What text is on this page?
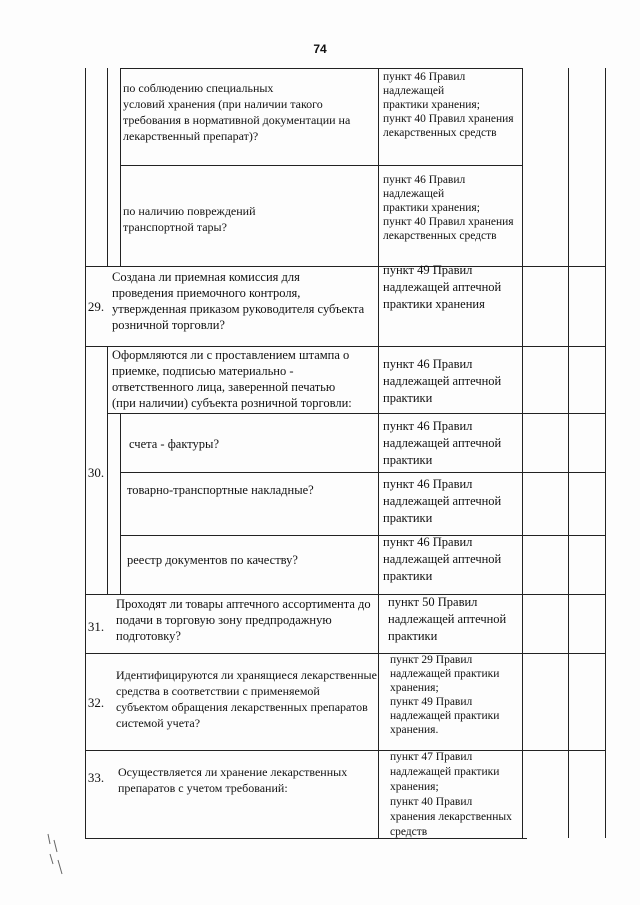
74
по соблюдению специальных
условий хранения (при наличии такого
требования в нормативной документации на
лекарственный препарат)?
пункт 46 Правил
надлежащей
практики хранения;
пункт 40 Правил хранения
лекарственных средств
по наличию повреждений
транспортной тары?
пункт 46 Правил
надлежащей
практики хранения;
пункт 40 Правил хранения
лекарственных средств
29.
Создана ли приемная комиссия для
проведения приемочного контроля,
утвержденная приказом руководителя субъекта
розничной торговли?
пункт 49 Правил
надлежащей аптечной
практики хранения
30.
Оформляются ли с проставлением штампа о
приемке, подписью материально -
ответственного лица, заверенной печатью
(при наличии) субъекта розничной торговли:
пункт 46 Правил
надлежащей аптечной
практики
счета - фактуры?
пункт 46 Правил
надлежащей аптечной
практики
товарно-транспортные накладные?	пункт 46 Правил
надлежащей аптечной
практики
реестр документов по качеству?
пункт 46 Правил
надлежащей аптечной
практики
31.
Проходят ли товары аптечного ассортимента до
подачи в торговую зону предпродажную
подготовку?
пункт 50 Правил
надлежащей аптечной
практики
32.
Идентифицируются ли хранящиеся лекарственные
средства в соответствии с применяемой
субъектом обращения лекарственных препаратов
системой учета?
пункт 29 Правил
надлежащей практики
хранения;
пункт 49 Правил
надлежащей практики
хранения.
33.	Осуществляется ли хранение лекарственных
препаратов с учетом требований:
пункт 47 Правил
надлежащей практики
хранения;
пункт 40 Правил
хранения лекарственных
средств
